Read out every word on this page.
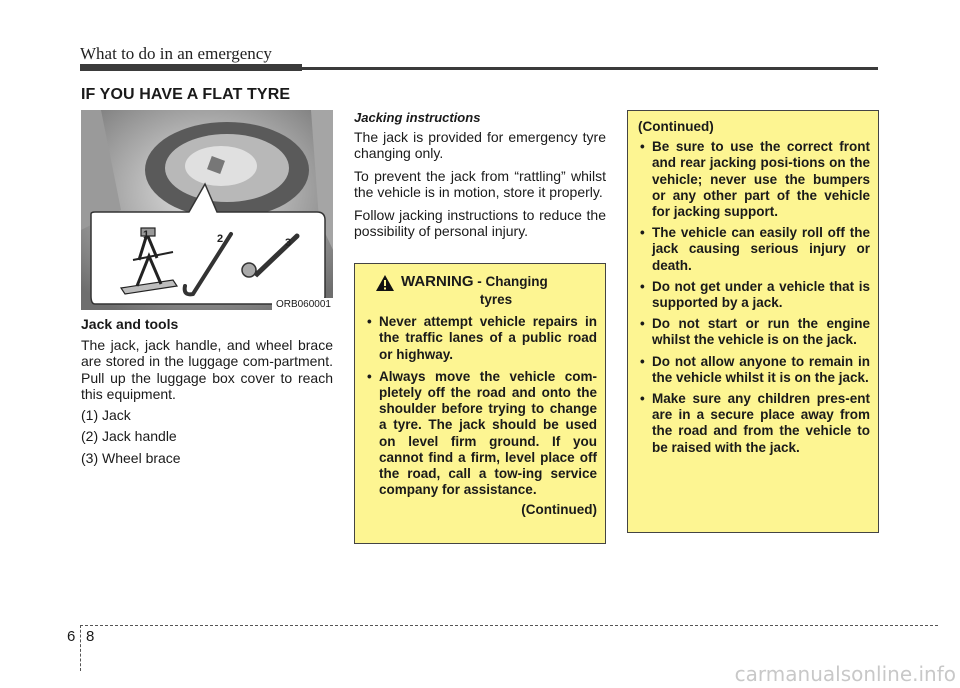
What to do in an emergency
IF YOU HAVE A FLAT TYRE
1	2	3
ORB060001
Jack and tools

The jack, jack handle, and wheel brace are stored in the luggage com-partment. Pull up the luggage box cover to reach this equipment.

(1) Jack
(2) Jack handle
(3) Wheel brace
Jacking instructions

The jack is provided for emergency tyre changing only.

To prevent the jack from “rattling” whilst the vehicle is in motion, store it properly.

Follow jacking instructions to reduce the possibility of personal injury.

WARNING - Changing
tyres
• Never attempt vehicle repairs in the traffic lanes of a public road or highway.
• Always move the vehicle com-pletely off the road and onto the shoulder before trying to change a tyre. The jack should be used on level firm ground. If you cannot find a firm, level place off the road, call a tow-ing service company for assistance.
(Continued)
(Continued)
• Be sure to use the correct front and rear jacking posi-tions on the vehicle; never use the bumpers or any other part of the vehicle for jacking support.
• The vehicle can easily roll off the jack causing serious injury or death.
• Do not get under a vehicle that is supported by a jack.
• Do not start or run the engine whilst the vehicle is on the jack.
• Do not allow anyone to remain in the vehicle whilst it is on the jack.
• Make sure any children pres-ent are in a secure place away from the road and from the vehicle to be raised with the jack.
6 8
carmanualsonline.info
